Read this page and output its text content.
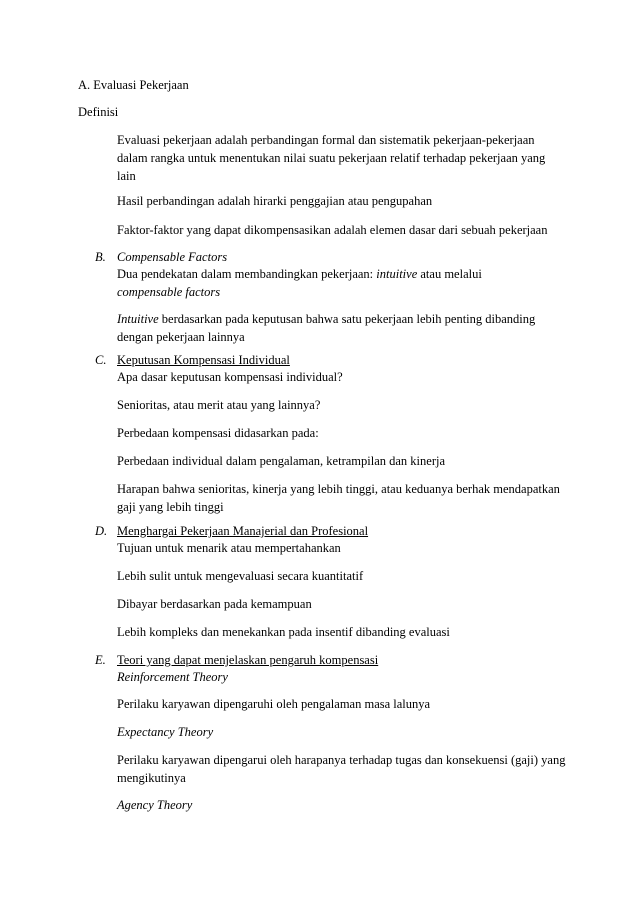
A. Evaluasi Pekerjaan
Definisi
Evaluasi pekerjaan adalah perbandingan formal dan sistematik pekerjaan-pekerjaan dalam rangka untuk menentukan nilai suatu pekerjaan relatif terhadap pekerjaan yang lain
Hasil perbandingan adalah hirarki penggajian atau pengupahan
Faktor-faktor yang dapat dikompensasikan adalah elemen dasar dari sebuah pekerjaan
B. Compensable Factors
Dua pendekatan dalam membandingkan pekerjaan: intuitive atau melalui
compensable factors
Intuitive berdasarkan pada keputusan bahwa satu pekerjaan lebih penting dibanding dengan pekerjaan lainnya
C. Keputusan Kompensasi Individual
Apa dasar keputusan kompensasi individual?
Senioritas, atau merit atau yang lainnya?
Perbedaan kompensasi didasarkan pada:
Perbedaan individual dalam pengalaman, ketrampilan dan kinerja
Harapan bahwa senioritas, kinerja yang lebih tinggi, atau keduanya berhak mendapatkan gaji yang lebih tinggi
D. Menghargai Pekerjaan Manajerial dan Profesional
Tujuan untuk menarik atau mempertahankan
Lebih sulit untuk mengevaluasi secara kuantitatif
Dibayar berdasarkan pada kemampuan
Lebih kompleks dan menekankan pada insentif dibanding evaluasi
E. Teori yang dapat menjelaskan pengaruh kompensasi
Reinforcement Theory
Perilaku karyawan dipengaruhi oleh pengalaman masa lalunya
Expectancy Theory
Perilaku karyawan dipengarui oleh harapanya terhadap tugas dan konsekuensi (gaji) yang mengikutinya
Agency Theory
